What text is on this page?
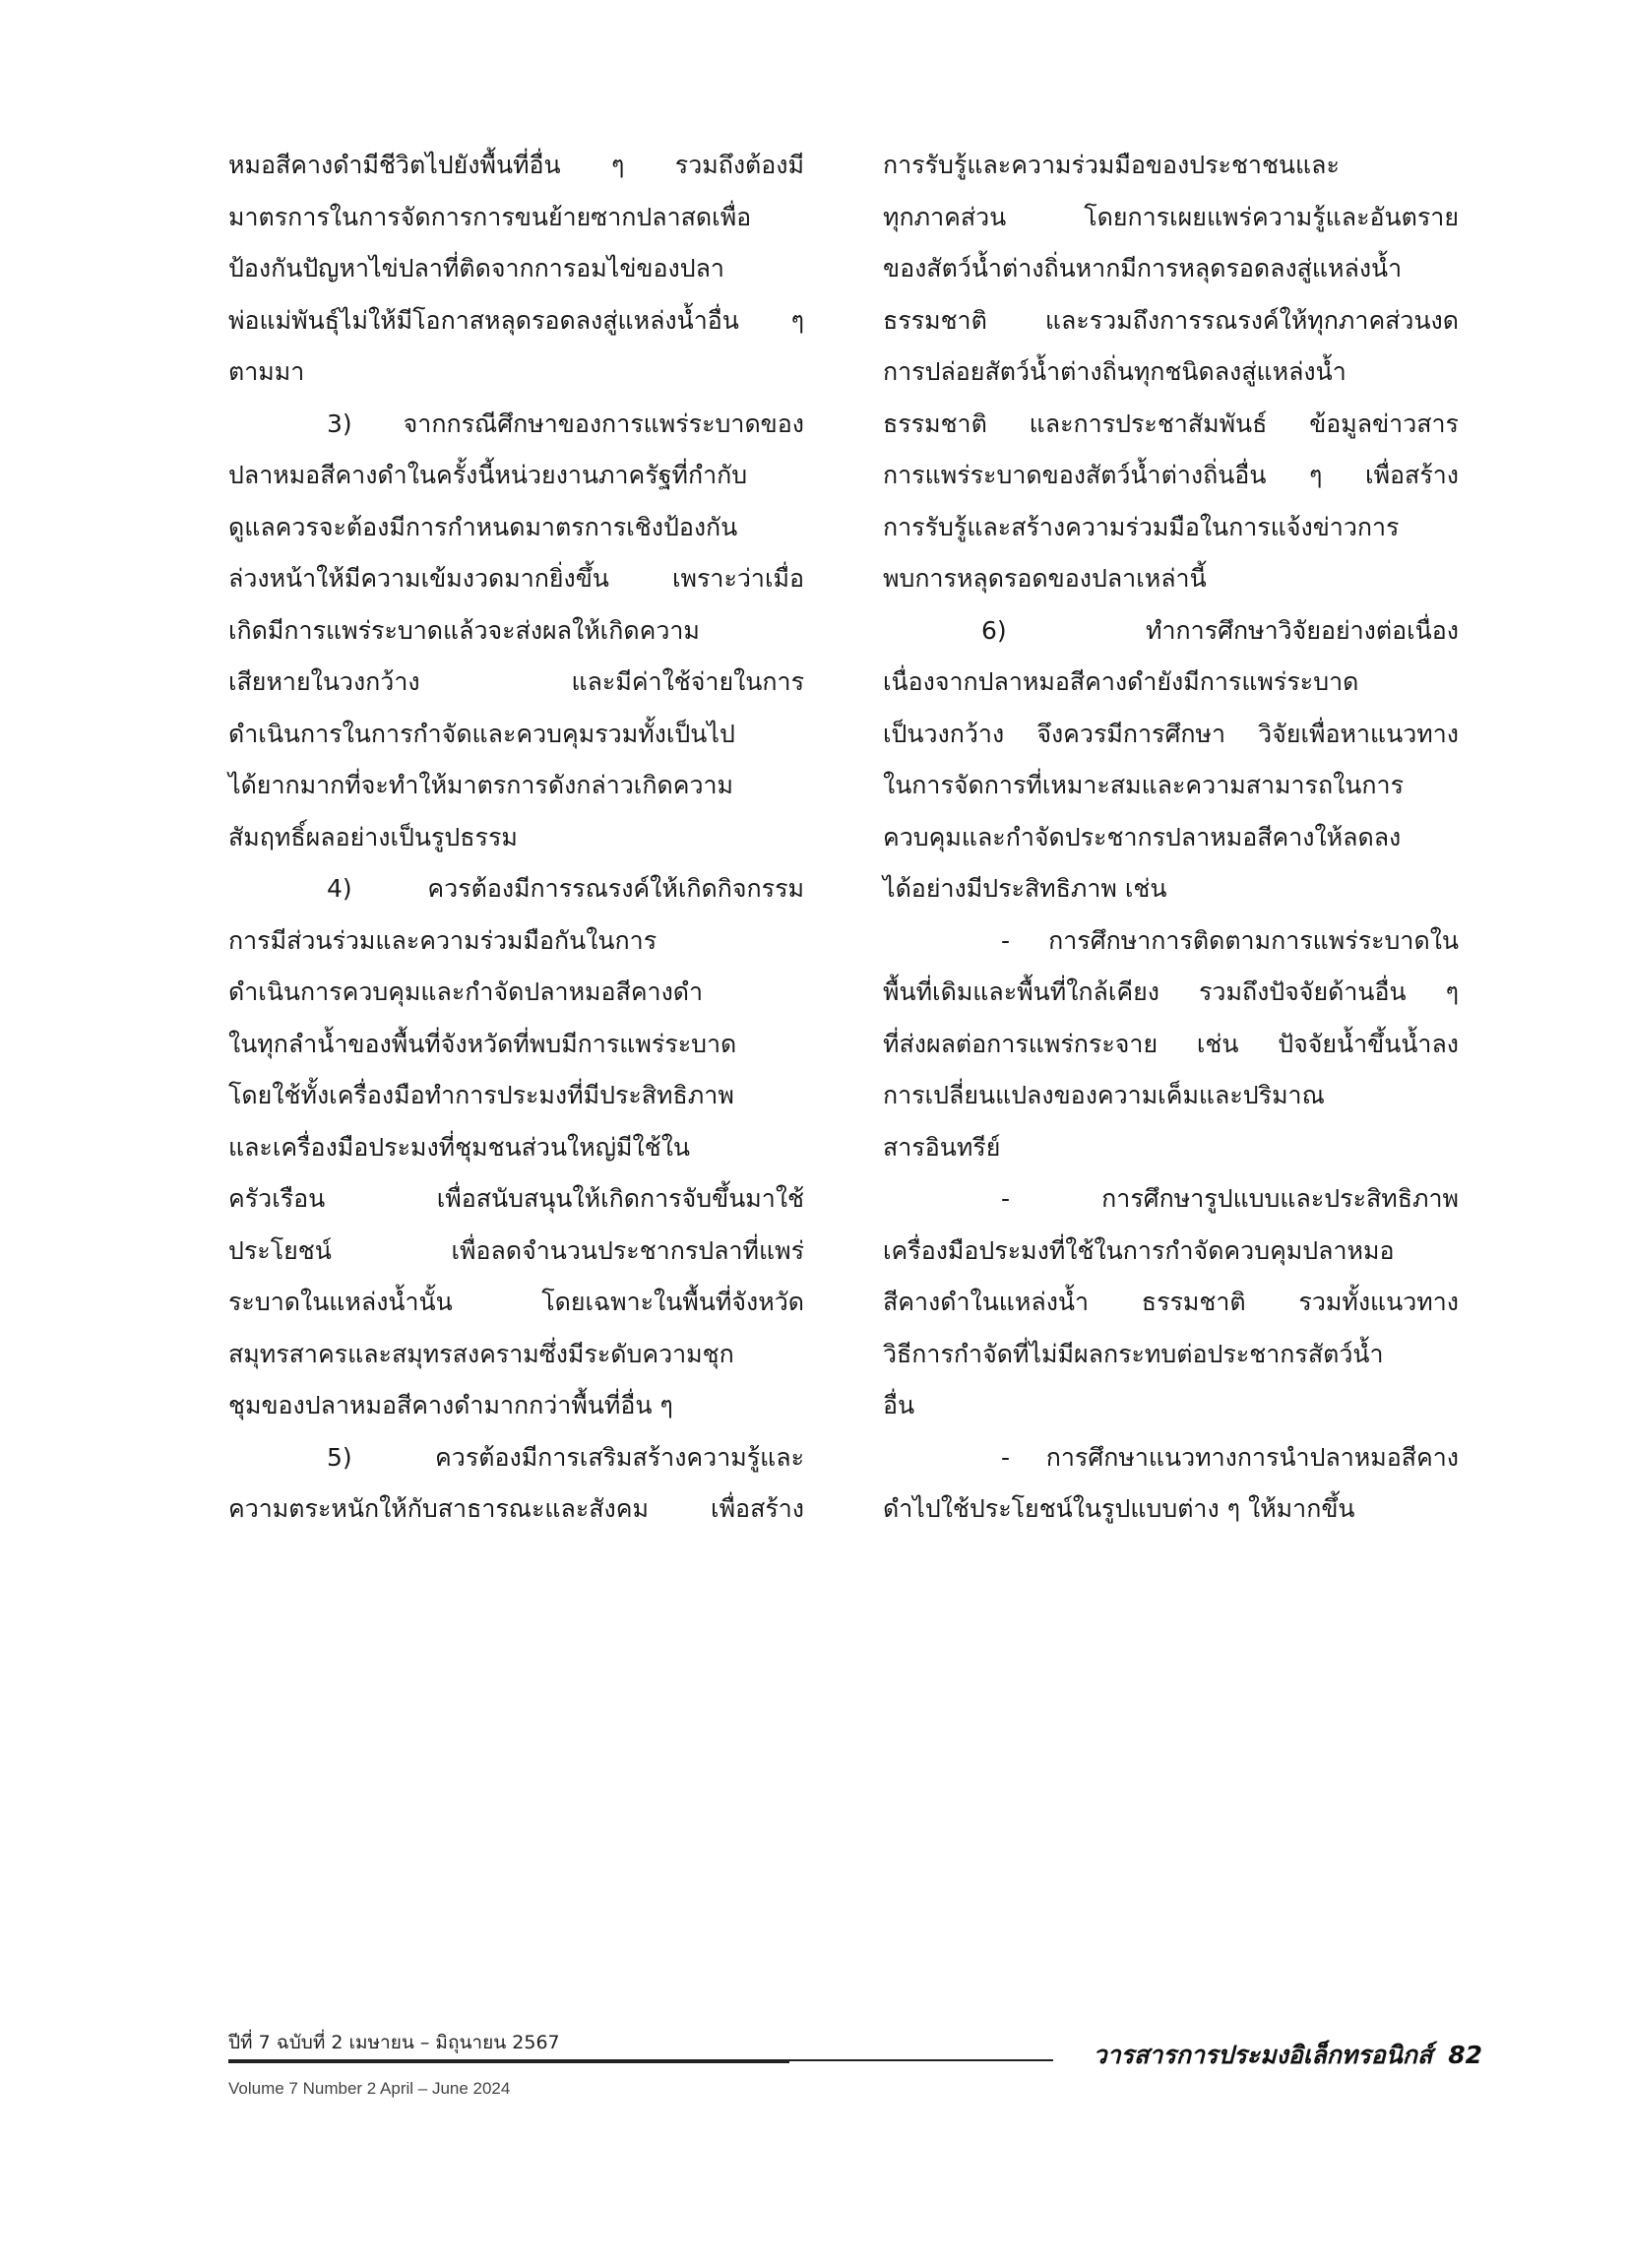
หมอสีคางดำมีชีวิตไปยังพื้นที่อื่น ๆ รวมถึงต้องมี
มาตรการในการจัดการการขนย้ายซากปลาสดเพื่อ
ป้องกันปัญหาไข่ปลาที่ติดจากการอมไข่ของปลา
พ่อแม่พันธุ์ไม่ให้มีโอกาสหลุดรอดลงสู่แหล่งน้ำอื่น ๆ
ตามมา
3) จากกรณีศึกษาของการแพร่ระบาดของ
ปลาหมอสีคางดำในครั้งนี้หน่วยงานภาครัฐที่กำกับ
ดูแลควรจะต้องมีการกำหนดมาตรการเชิงป้องกัน
ล่วงหน้าให้มีความเข้มงวดมากยิ่งขึ้น เพราะว่าเมื่อ
เกิดมีการแพร่ระบาดแล้วจะส่งผลให้เกิดความ
เสียหายในวงกว้าง และมีค่าใช้จ่ายในการ
ดำเนินการในการกำจัดและควบคุมรวมทั้งเป็นไป
ได้ยากมากที่จะทำให้มาตรการดังกล่าวเกิดความ
สัมฤทธิ์ผลอย่างเป็นรูปธรรม
4) ควรต้องมีการรณรงค์ให้เกิดกิจกรรม
การมีส่วนร่วมและความร่วมมือกันในการ
ดำเนินการควบคุมและกำจัดปลาหมอสีคางดำ
ในทุกลำน้ำของพื้นที่จังหวัดที่พบมีการแพร่ระบาด
โดยใช้ทั้งเครื่องมือทำการประมงที่มีประสิทธิภาพ
และเครื่องมือประมงที่ชุมชนส่วนใหญ่มีใช้ใน
ครัวเรือน เพื่อสนับสนุนให้เกิดการจับขึ้นมาใช้
ประโยชน์ เพื่อลดจำนวนประชากรปลาที่แพร่
ระบาดในแหล่งน้ำนั้น โดยเฉพาะในพื้นที่จังหวัด
สมุทรสาครและสมุทรสงครามซึ่งมีระดับความชุก
ชุมของปลาหมอสีคางดำมากกว่าพื้นที่อื่น ๆ
5) ควรต้องมีการเสริมสร้างความรู้และ
ความตระหนักให้กับสาธารณะและสังคม เพื่อสร้าง
การรับรู้และความร่วมมือของประชาชนและ
ทุกภาคส่วน โดยการเผยแพร่ความรู้และอันตราย
ของสัตว์น้ำต่างถิ่นหากมีการหลุดรอดลงสู่แหล่งน้ำ
ธรรมชาติ และรวมถึงการรณรงค์ให้ทุกภาคส่วนงด
การปล่อยสัตว์น้ำต่างถิ่นทุกชนิดลงสู่แหล่งน้ำ
ธรรมชาติ และการประชาสัมพันธ์ ข้อมูลข่าวสาร
การแพร่ระบาดของสัตว์น้ำต่างถิ่นอื่น ๆ เพื่อสร้าง
การรับรู้และสร้างความร่วมมือในการแจ้งข่าวการ
พบการหลุดรอดของปลาเหล่านี้
6) ทำการศึกษาวิจัยอย่างต่อเนื่อง
เนื่องจากปลาหมอสีคางดำยังมีการแพร่ระบาด
เป็นวงกว้าง จึงควรมีการศึกษา วิจัยเพื่อหาแนวทาง
ในการจัดการที่เหมาะสมและความสามารถในการ
ควบคุมและกำจัดประชากรปลาหมอสีคางให้ลดลง
ได้อย่างมีประสิทธิภาพ เช่น
- การศึกษาการติดตามการแพร่ระบาดใน
พื้นที่เดิมและพื้นที่ใกล้เคียง รวมถึงปัจจัยด้านอื่น ๆ
ที่ส่งผลต่อการแพร่กระจาย เช่น ปัจจัยน้ำขึ้นน้ำลง
การเปลี่ยนแปลงของความเค็มและปริมาณ
สารอินทรีย์
- การศึกษารูปแบบและประสิทธิภาพ
เครื่องมือประมงที่ใช้ในการกำจัดควบคุมปลาหมอ
สีคางดำในแหล่งน้ำ ธรรมชาติ รวมทั้งแนวทาง
วิธีการกำจัดที่ไม่มีผลกระทบต่อประชากรสัตว์น้ำ
อื่น
- การศึกษาแนวทางการนำปลาหมอสีคาง
ดำไปใช้ประโยชน์ในรูปแบบต่าง ๆ ให้มากขึ้น
ปีที่ 7 ฉบับที่ 2 เมษายน – มิถุนายน 2567
Volume 7 Number 2 April – June 2024
วารสารการประมงอิเล็กทรอนิกส์ 82
